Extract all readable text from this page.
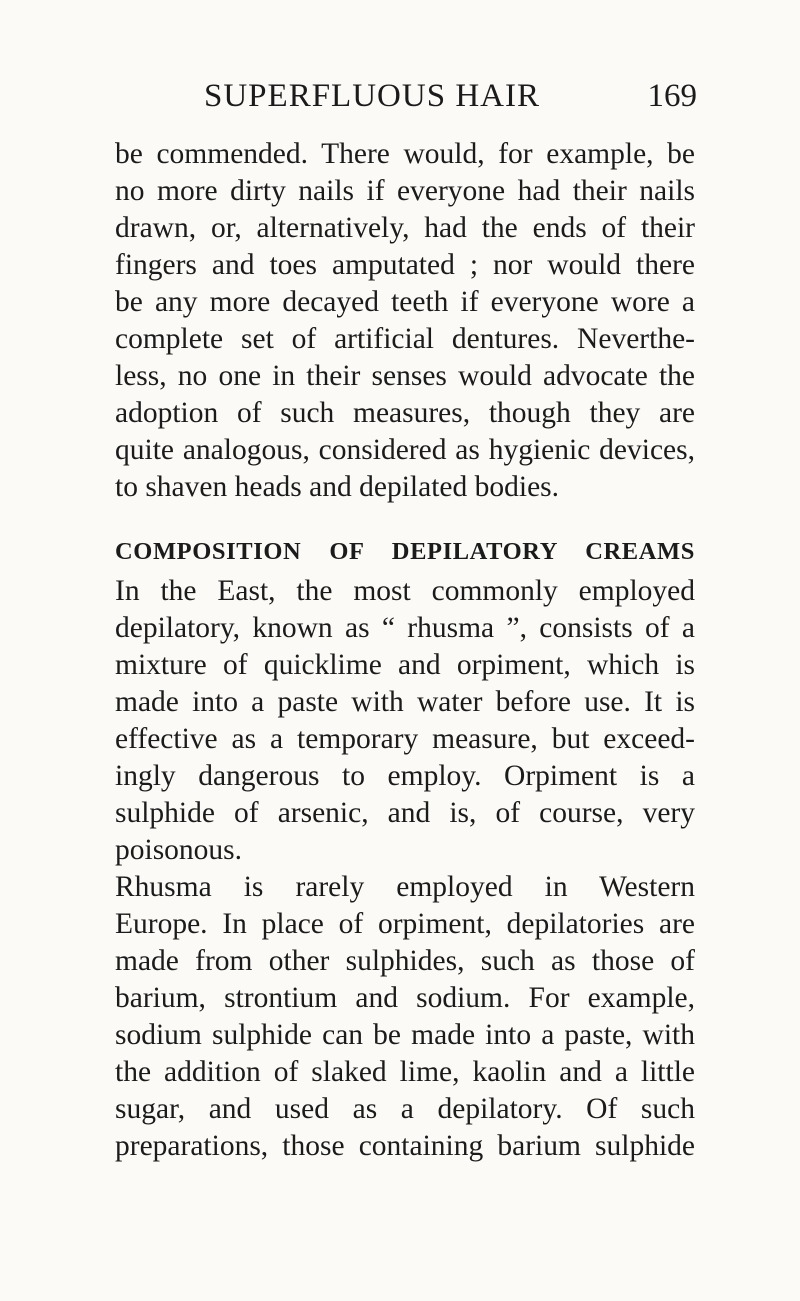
SUPERFLUOUS HAIR	169
be commended. There would, for example, be
no more dirty nails if everyone had their nails
drawn, or, alternatively, had the ends of their
fingers and toes amputated ; nor would there
be any more decayed teeth if everyone wore a
complete set of artificial dentures. Neverthe-
less, no one in their senses would advocate the
adoption of such measures, though they are
quite analogous, considered as hygienic devices,
to shaven heads and depilated bodies.
COMPOSITION OF DEPILATORY CREAMS
In the East, the most commonly employed
depilatory, known as “ rhusma ”, consists of a
mixture of quicklime and orpiment, which is
made into a paste with water before use. It is
effective as a temporary measure, but exceed-
ingly dangerous to employ. Orpiment is a
sulphide of arsenic, and is, of course, very
poisonous.
Rhusma is rarely employed in Western
Europe. In place of orpiment, depilatories are
made from other sulphides, such as those of
barium, strontium and sodium. For example,
sodium sulphide can be made into a paste, with
the addition of slaked lime, kaolin and a little
sugar, and used as a depilatory. Of such
preparations, those containing barium sulphide
